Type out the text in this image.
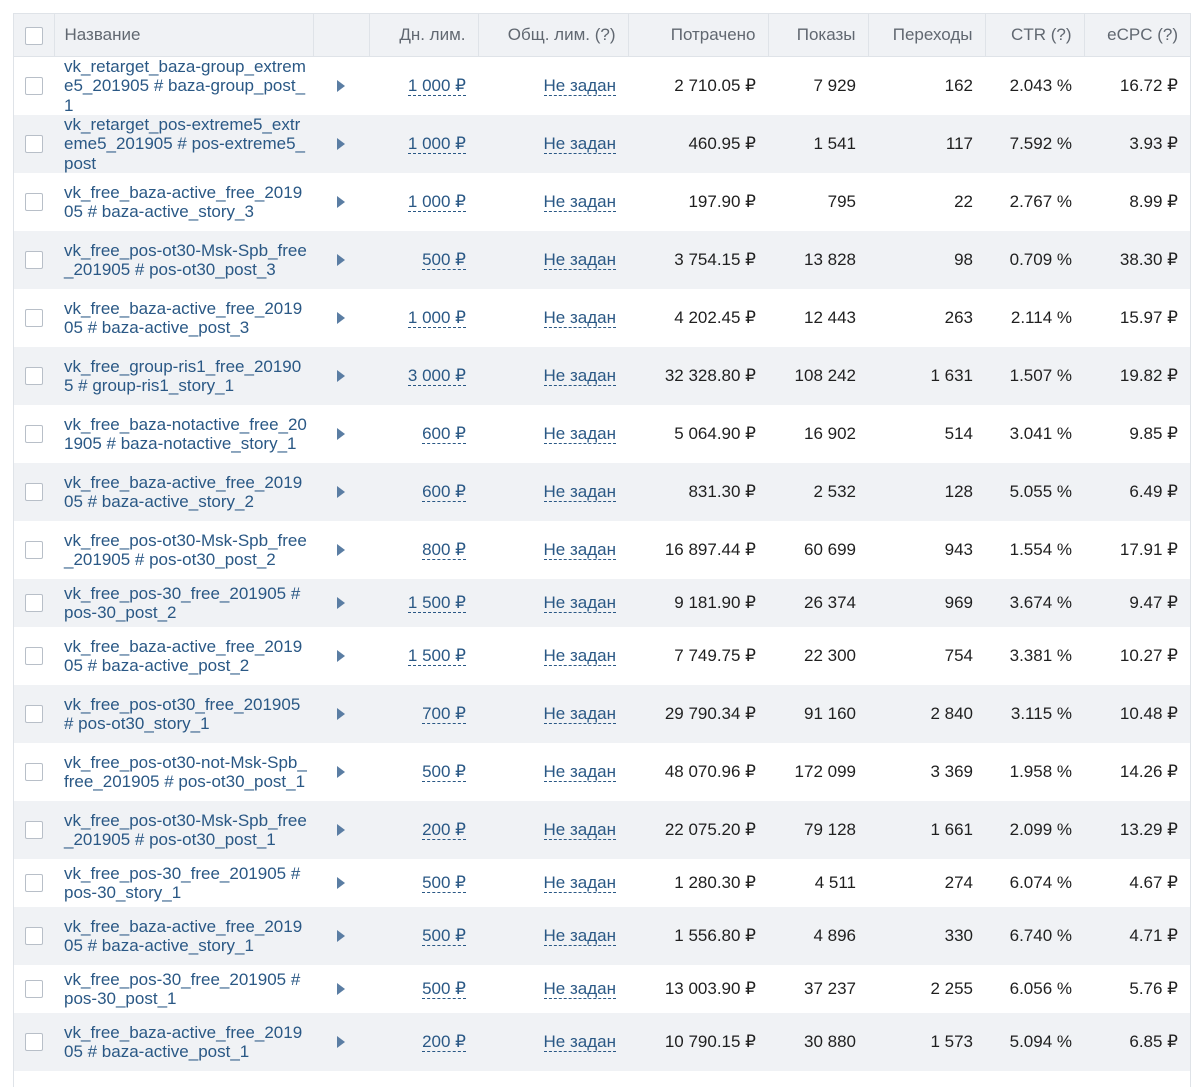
	Название		Дн. лим.	Общ. лим. (?)	Потрачено	Показы	Переходы	CTR (?)	eCPC (?)
	vk_retarget_baza-group_extreme5_201905 # baza-group_post_1		1 000 ₽	Не задан	2 710.05 ₽	7 929	162	2.043 %	16.72 ₽
	vk_retarget_pos-extreme5_extreme5_201905 # pos-extreme5_post		1 000 ₽	Не задан	460.95 ₽	1 541	117	7.592 %	3.93 ₽
	vk_free_baza-active_free_201905 # baza-active_story_3		1 000 ₽	Не задан	197.90 ₽	795	22	2.767 %	8.99 ₽
	vk_free_pos-ot30-Msk-Spb_free_201905 # pos-ot30_post_3		500 ₽	Не задан	3 754.15 ₽	13 828	98	0.709 %	38.30 ₽
	vk_free_baza-active_free_201905 # baza-active_post_3		1 000 ₽	Не задан	4 202.45 ₽	12 443	263	2.114 %	15.97 ₽
	vk_free_group-ris1_free_201905 # group-ris1_story_1		3 000 ₽	Не задан	32 328.80 ₽	108 242	1 631	1.507 %	19.82 ₽
	vk_free_baza-notactive_free_201905 # baza-notactive_story_1		600 ₽	Не задан	5 064.90 ₽	16 902	514	3.041 %	9.85 ₽
	vk_free_baza-active_free_201905 # baza-active_story_2		600 ₽	Не задан	831.30 ₽	2 532	128	5.055 %	6.49 ₽
	vk_free_pos-ot30-Msk-Spb_free_201905 # pos-ot30_post_2		800 ₽	Не задан	16 897.44 ₽	60 699	943	1.554 %	17.91 ₽
	vk_free_pos-30_free_201905 # pos-30_post_2		1 500 ₽	Не задан	9 181.90 ₽	26 374	969	3.674 %	9.47 ₽
	vk_free_baza-active_free_201905 # baza-active_post_2		1 500 ₽	Не задан	7 749.75 ₽	22 300	754	3.381 %	10.27 ₽
	vk_free_pos-ot30_free_201905 # pos-ot30_story_1		700 ₽	Не задан	29 790.34 ₽	91 160	2 840	3.115 %	10.48 ₽
	vk_free_pos-ot30-not-Msk-Spb_free_201905 # pos-ot30_post_1		500 ₽	Не задан	48 070.96 ₽	172 099	3 369	1.958 %	14.26 ₽
	vk_free_pos-ot30-Msk-Spb_free_201905 # pos-ot30_post_1		200 ₽	Не задан	22 075.20 ₽	79 128	1 661	2.099 %	13.29 ₽
	vk_free_pos-30_free_201905 # pos-30_story_1		500 ₽	Не задан	1 280.30 ₽	4 511	274	6.074 %	4.67 ₽
	vk_free_baza-active_free_201905 # baza-active_story_1		500 ₽	Не задан	1 556.80 ₽	4 896	330	6.740 %	4.71 ₽
	vk_free_pos-30_free_201905 # pos-30_post_1		500 ₽	Не задан	13 003.90 ₽	37 237	2 255	6.056 %	5.76 ₽
	vk_free_baza-active_free_201905 # baza-active_post_1		200 ₽	Не задан	10 790.15 ₽	30 880	1 573	5.094 %	6.85 ₽
